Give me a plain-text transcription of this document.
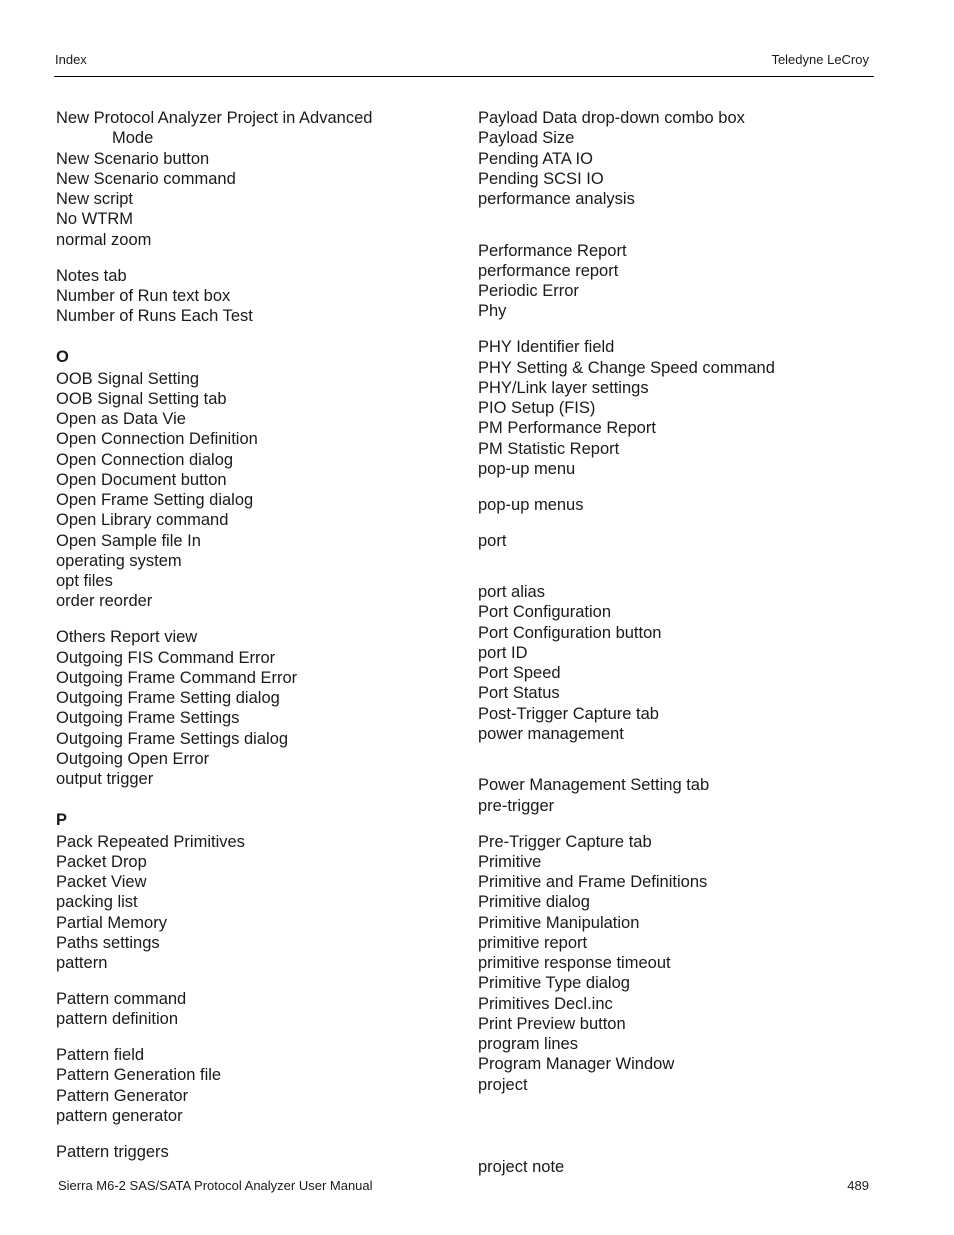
Index	Teledyne LeCroy
New Protocol Analyzer Project in Advanced
Mode
New Scenario button
New Scenario command
New script
No WTRM
normal zoom
Notes tab
Number of Run text box
Number of Runs Each Test
O
OOB Signal Setting
OOB Signal Setting tab
Open as Data Vie
Open Connection Definition
Open Connection dialog
Open Document button
Open Frame Setting dialog
Open Library command
Open Sample file In
operating system
opt files
order reorder
Others Report view
Outgoing FIS Command Error
Outgoing Frame Command Error
Outgoing Frame Setting dialog
Outgoing Frame Settings
Outgoing Frame Settings dialog
Outgoing Open Error
output trigger
P
Pack Repeated Primitives
Packet Drop
Packet View
packing list
Partial Memory
Paths settings
pattern
Pattern command
pattern definition
Pattern field
Pattern Generation file
Pattern Generator
pattern generator
Pattern triggers
Payload Data drop-down combo box
Payload Size
Pending ATA IO
Pending SCSI IO
performance analysis
Performance Report
performance report
Periodic Error
Phy
PHY Identifier field
PHY Setting & Change Speed command
PHY/Link layer settings
PIO Setup (FIS)
PM Performance Report
PM Statistic Report
pop-up menu
pop-up menus
port
port alias
Port Configuration
Port Configuration button
port ID
Port Speed
Port Status
Post-Trigger Capture tab
power management
Power Management Setting tab
pre-trigger
Pre-Trigger Capture tab
Primitive
Primitive and Frame Definitions
Primitive dialog
Primitive Manipulation
primitive report
primitive response timeout
Primitive Type dialog
Primitives Decl.inc
Print Preview button
program lines
Program Manager Window
project
project note
Sierra M6-2 SAS/SATA Protocol Analyzer User Manual	489
